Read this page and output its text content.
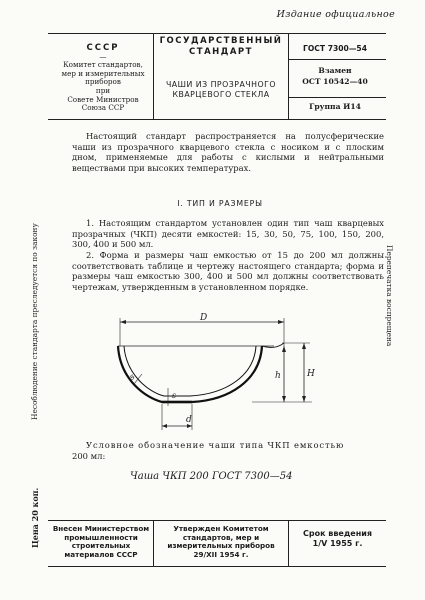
Издание официальное
СССР
—
Комитет стандартов,
мер и измерительных
приборов
при
Совете Министров
Союза ССР
ГОСУДАРСТВЕННЫЙ
СТАНДАРТ
ЧАШИ ИЗ ПРОЗРАЧНОГО
КВАРЦЕВОГО СТЕКЛА
ГОСТ 7300—54
Взамен
ОСТ 10542—40
Группа И14

Настоящий стандарт распространяется на полусферические чаши из прозрачного кварцевого стекла с носиком и с плоским дном, применяемые для работы с кислыми и нейтральными веществами при высоких температурах.

I. ТИП И РАЗМЕРЫ

1. Настоящим стандартом установлен один тип чаш кварцевых прозрачных (ЧКП) десяти емкостей: 15, 30, 50, 75, 100, 150, 200, 300, 400 и 500 мл.

2. Форма и размеры чаш емкостью от 15 до 200 мл должны соответствовать таблице и чертежу настоящего стандарта; форма и размеры чаш емкостью 300, 400 и 500 мл должны соответствовать чертежам, утвержденным в установленном порядке.

D
s
s
d
h	H
Условное обозначение чаши типа ЧКП емкостью
200 мл:
Чаша ЧКП 200 ГОСТ 7300—54
Несоблюдение стандарта преследуется по закону	Перепечатка воспрещена
Цена 20 коп.	Внесен Министерством
промышленности
строительных
материалов СССР
Утвержден Комитетом
стандартов, мер и
измерительных приборов
29/XII 1954 г.
Срок введения
1/V 1955 г.
